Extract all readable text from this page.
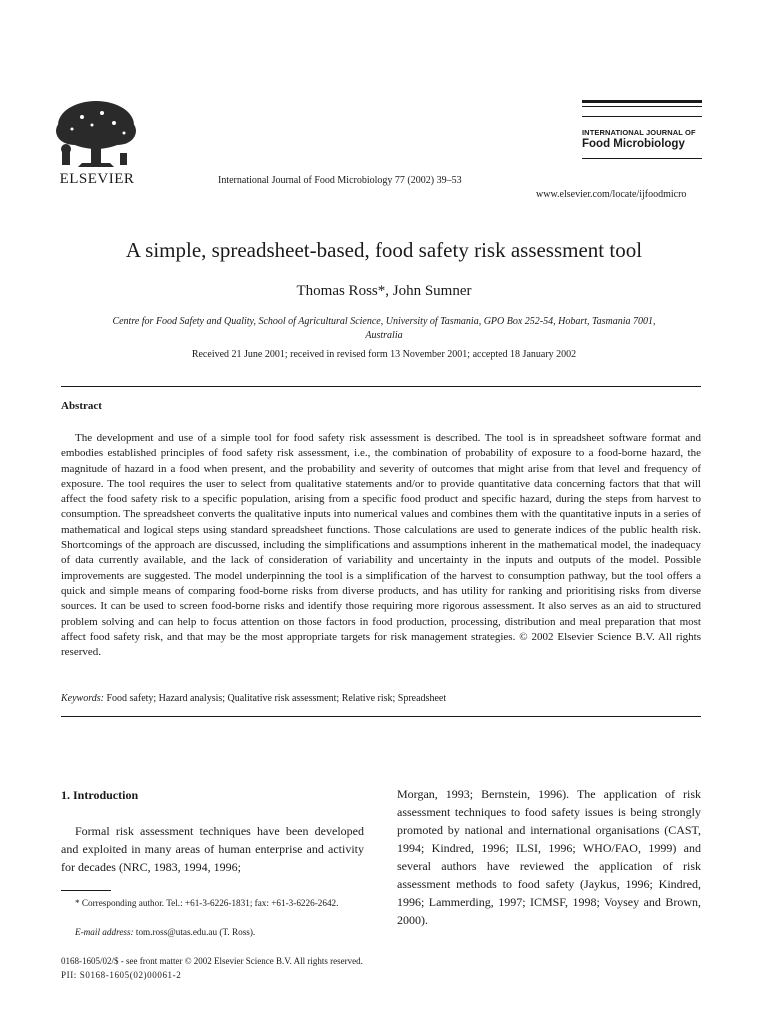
ELSEVIER	International Journal of Food Microbiology 77 (2002) 39–53
INTERNATIONAL JOURNAL OF
Food Microbiology
www.elsevier.com/locate/ijfoodmicro
A simple, spreadsheet-based, food safety risk assessment tool
Thomas Ross*, John Sumner
Centre for Food Safety and Quality, School of Agricultural Science, University of Tasmania, GPO Box 252-54, Hobart, Tasmania 7001, Australia
Received 21 June 2001; received in revised form 13 November 2001; accepted 18 January 2002
Abstract
The development and use of a simple tool for food safety risk assessment is described. The tool is in spreadsheet software format and embodies established principles of food safety risk assessment, i.e., the combination of probability of exposure to a food-borne hazard, the magnitude of hazard in a food when present, and the probability and severity of outcomes that might arise from that level and frequency of exposure. The tool requires the user to select from qualitative statements and/or to provide quantitative data concerning factors that that will affect the food safety risk to a specific population, arising from a specific food product and specific hazard, during the steps from harvest to consumption. The spreadsheet converts the qualitative inputs into numerical values and combines them with the quantitative inputs in a series of mathematical and logical steps using standard spreadsheet functions. Those calculations are used to generate indices of the public health risk. Shortcomings of the approach are discussed, including the simplifications and assumptions inherent in the mathematical model, the inadequacy of data currently available, and the lack of consideration of variability and uncertainty in the inputs and outputs of the model. Possible improvements are suggested. The model underpinning the tool is a simplification of the harvest to consumption pathway, but the tool offers a quick and simple means of comparing food-borne risks from diverse products, and has utility for ranking and prioritising risks from diverse sources. It can be used to screen food-borne risks and identify those requiring more rigorous assessment. It also serves as an aid to structured problem solving and can help to focus attention on those factors in food production, processing, distribution and meal preparation that most affect food safety risk, and that may be the most appropriate targets for risk management strategies. © 2002 Elsevier Science B.V. All rights reserved.
Keywords: Food safety; Hazard analysis; Qualitative risk assessment; Relative risk; Spreadsheet
1. Introduction
Formal risk assessment techniques have been developed and exploited in many areas of human enterprise and activity for decades (NRC, 1983, 1994, 1996;
* Corresponding author. Tel.: +61-3-6226-1831; fax: +61-3-6226-2642.
E-mail address: tom.ross@utas.edu.au (T. Ross).
Morgan, 1993; Bernstein, 1996). The application of risk assessment techniques to food safety issues is being strongly promoted by national and international organisations (CAST, 1994; Kindred, 1996; ILSI, 1996; WHO/FAO, 1999) and several authors have reviewed the application of risk assessment methods to food safety (Jaykus, 1996; Kindred, 1996; Lammerding, 1997; ICMSF, 1998; Voysey and Brown, 2000).
0168-1605/02/$ - see front matter © 2002 Elsevier Science B.V. All rights reserved.
PII: S0168-1605(02)00061-2
